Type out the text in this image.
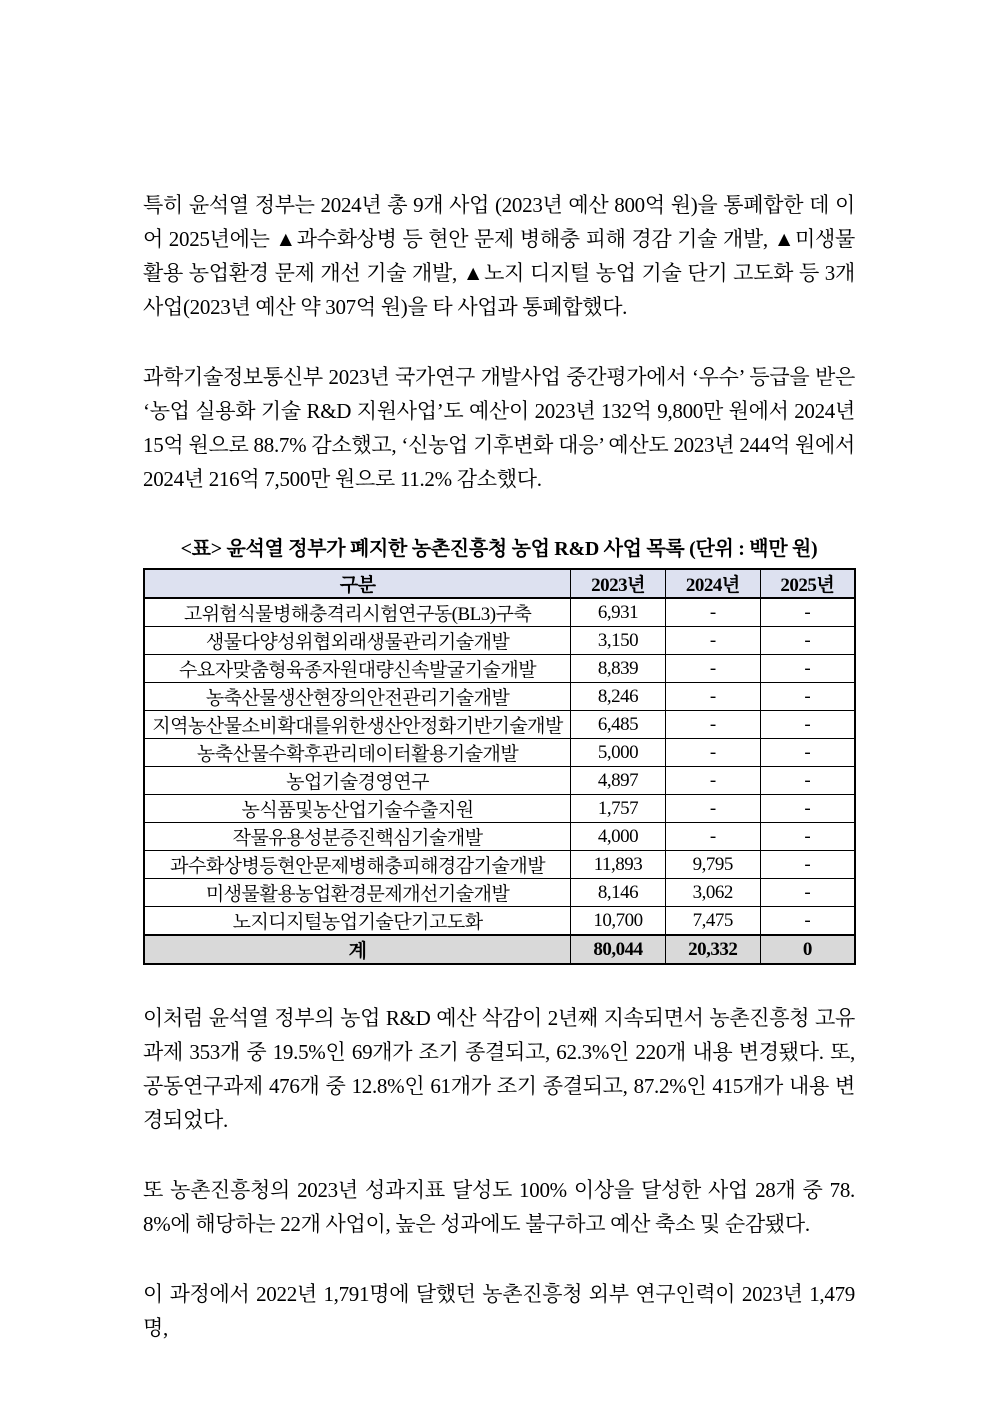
특히 윤석열 정부는 2024년 총 9개 사업 (2023년 예산 800억 원)을 통폐합한 데 이어 2025년에는 ▲과수화상병 등 현안 문제 병해충 피해 경감 기술 개발, ▲미생물 활용 농업환경 문제 개선 기술 개발, ▲노지 디지털 농업 기술 단기 고도화 등 3개 사업(2023년 예산 약 307억 원)을 타 사업과 통폐합했다.

과학기술정보통신부 2023년 국가연구 개발사업 중간평가에서 ‘우수’ 등급을 받은 ‘농업 실용화 기술 R&D 지원사업’도 예산이 2023년 132억 9,800만 원에서 2024년 15억 원으로 88.7% 감소했고, ‘신농업 기후변화 대응’ 예산도 2023년 244억 원에서 2024년 216억 7,500만 원으로 11.2% 감소했다.

<표> 윤석열 정부가 폐지한 농촌진흥청 농업 R&D 사업 목록 (단위 : 백만 원)
구분	2023년	2024년	2025년
고위험식물병해충격리시험연구동(BL3)구축	6,931	-	-
생물다양성위협외래생물관리기술개발	3,150	-	-
수요자맞춤형육종자원대량신속발굴기술개발	8,839	-	-
농축산물생산현장의안전관리기술개발	8,246	-	-
지역농산물소비확대를위한생산안정화기반기술개발	6,485	-	-
농축산물수확후관리데이터활용기술개발	5,000	-	-
농업기술경영연구	4,897	-	-
농식품및농산업기술수출지원	1,757	-	-
작물유용성분증진핵심기술개발	4,000	-	-
과수화상병등현안문제병해충피해경감기술개발	11,893	9,795	-
미생물활용농업환경문제개선기술개발	8,146	3,062	-
노지디지털농업기술단기고도화	10,700	7,475	-
계	80,044	20,332	0

이처럼 윤석열 정부의 농업 R&D 예산 삭감이 2년째 지속되면서 농촌진흥청 고유과제 353개 중 19.5%인 69개가 조기 종결되고, 62.3%인 220개 내용 변경됐다. 또, 공동연구과제 476개 중 12.8%인 61개가 조기 종결되고, 87.2%인 415개가 내용 변경되었다.

또 농촌진흥청의 2023년 성과지표 달성도 100% 이상을 달성한 사업 28개 중 78.8%에 해당하는 22개 사업이, 높은 성과에도 불구하고 예산 축소 및 순감됐다.

이 과정에서 2022년 1,791명에 달했던 농촌진흥청 외부 연구인력이 2023년 1,479명,
